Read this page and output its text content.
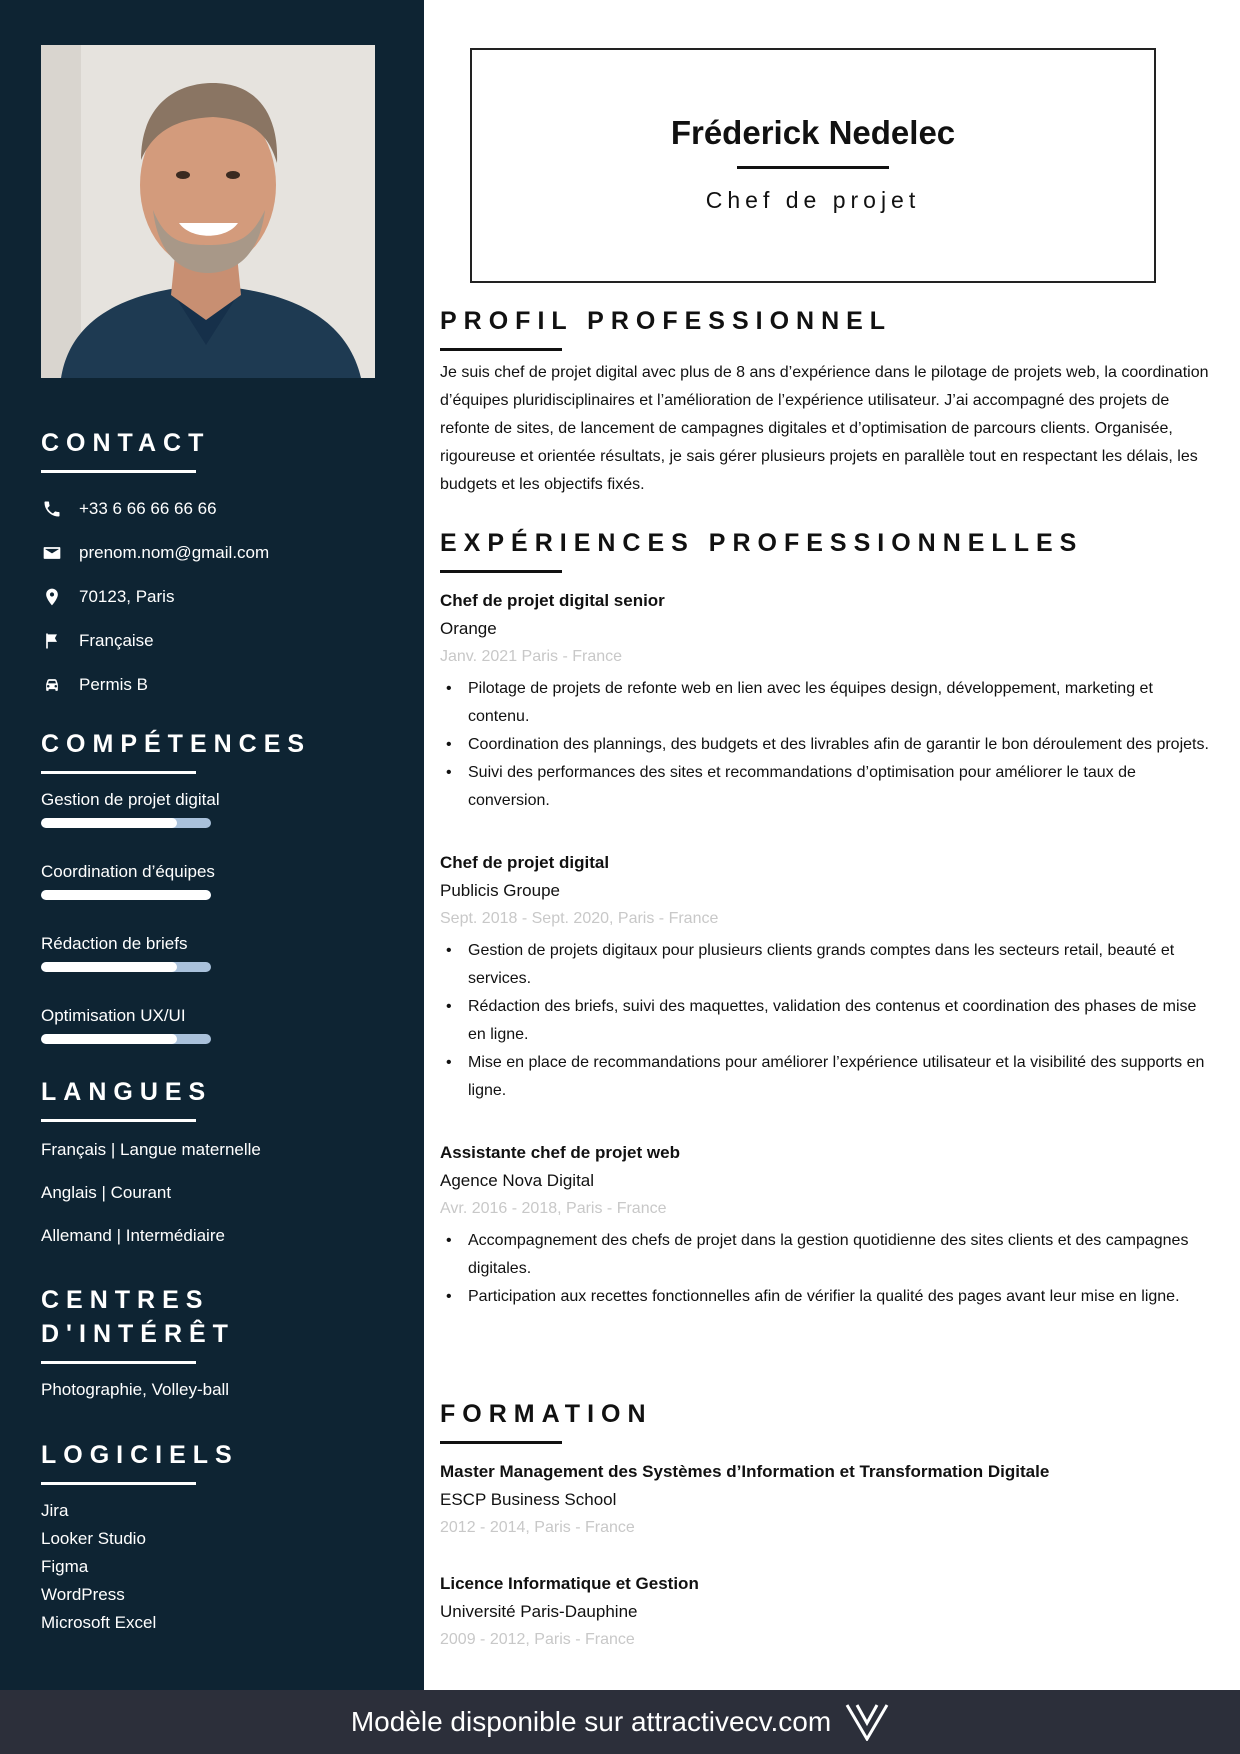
CONTACT
+33 6 66 66 66 66
prenom.nom@gmail.com
70123, Paris
Française
Permis B
COMPÉTENCES
Gestion de projet digital
Coordination d’équipes
Rédaction de briefs
Optimisation UX/UI
LANGUES
Français | Langue maternelle
Anglais | Courant
Allemand | Intermédiaire
CENTRES
D'INTÉRÊT
Photographie, Volley-ball
LOGICIELS
Jira
Looker Studio
Figma
WordPress
Microsoft Excel
Fréderick Nedelec
Chef de projet
PROFIL PROFESSIONNEL

Je suis chef de projet digital avec plus de 8 ans d’expérience dans le pilotage de projets web, la coordination d’équipes pluridisciplinaires et l’amélioration de l’expérience utilisateur. J’ai accompagné des projets de refonte de sites, de lancement de campagnes digitales et d’optimisation de parcours clients. Organisée, rigoureuse et orientée résultats, je sais gérer plusieurs projets en parallèle tout en respectant les délais, les budgets et les objectifs fixés.

EXPÉRIENCES PROFESSIONNELLES
Chef de projet digital senior
Orange
Janv. 2021 Paris - France
• Pilotage de projets de refonte web en lien avec les équipes design, développement, marketing et contenu.
• Coordination des plannings, des budgets et des livrables afin de garantir le bon déroulement des projets.
• Suivi des performances des sites et recommandations d’optimisation pour améliorer le taux de conversion.
Chef de projet digital
Publicis Groupe
Sept. 2018 - Sept. 2020, Paris - France
• Gestion de projets digitaux pour plusieurs clients grands comptes dans les secteurs retail, beauté et services.
• Rédaction des briefs, suivi des maquettes, validation des contenus et coordination des phases de mise en ligne.
• Mise en place de recommandations pour améliorer l’expérience utilisateur et la visibilité des supports en ligne.
Assistante chef de projet web
Agence Nova Digital
Avr. 2016 - 2018, Paris - France
• Accompagnement des chefs de projet dans la gestion quotidienne des sites clients et des campagnes digitales.
• Participation aux recettes fonctionnelles afin de vérifier la qualité des pages avant leur mise en ligne.
FORMATION
Master Management des Systèmes d’Information et Transformation Digitale
ESCP Business School
2012 - 2014, Paris - France
Licence Informatique et Gestion
Université Paris-Dauphine
2009 - 2012, Paris - France
Modèle disponible sur attractivecv.com
